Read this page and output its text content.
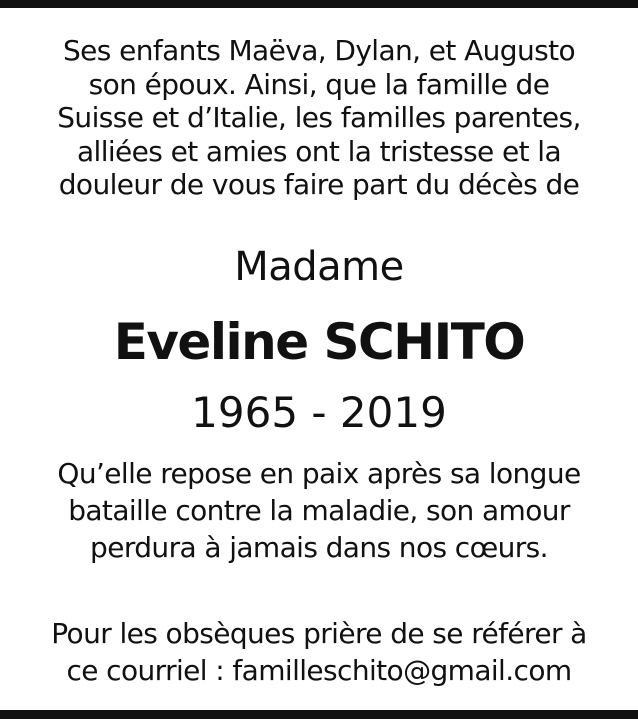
Ses enfants Maëva, Dylan, et Augusto
son époux. Ainsi, que la famille de
Suisse et d’Italie, les familles parentes,
alliées et amies ont la tristesse et la
douleur de vous faire part du décès de
Madame
Eveline SCHITO
1965 - 2019
Qu’elle repose en paix après sa longue
bataille contre la maladie, son amour
perdura à jamais dans nos cœurs.
Pour les obsèques prière de se référer à
ce courriel : familleschito@gmail.com
